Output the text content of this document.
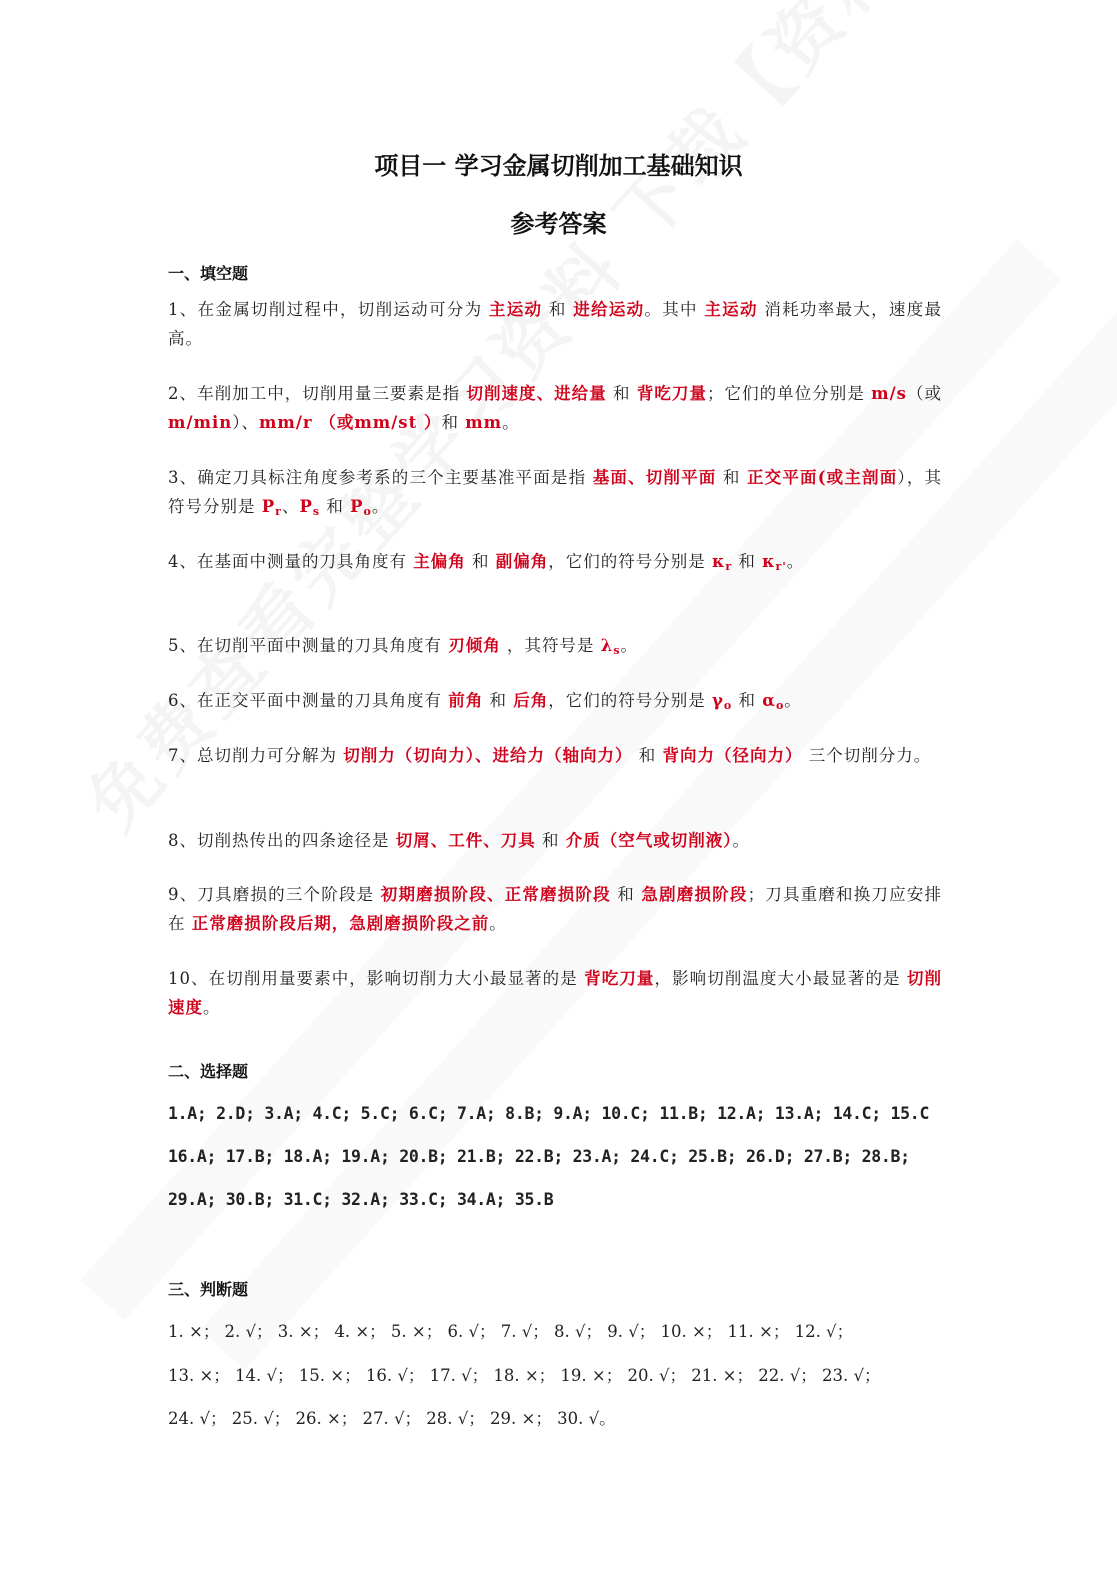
项目一 学习金属切削加工基础知识
参考答案
一、填空题
1、在金属切削过程中，切削运动可分为 主运动 和 进给运动。其中 主运动 消耗功率最大，速度最高。
2、车削加工中，切削用量三要素是指 切削速度、进给量 和 背吃刀量；它们的单位分别是 m/s（或 m/min）、mm/r （或mm/st ）和 mm。
3、确定刀具标注角度参考系的三个主要基准平面是指 基面、切削平面 和 正交平面(或主剖面），其符号分别是 $P_r$、$P_s$ 和 $P_o$。
4、在基面中测量的刀具角度有 主偏角 和 副偏角，它们的符号分别是 $\kappa_r$ 和 $\kappa_{r'}$。
5、在切削平面中测量的刀具角度有 刃倾角 ，其符号是 $\lambda_s$。
6、在正交平面中测量的刀具角度有 前角 和 后角，它们的符号分别是 $\gamma_o$ 和 $\alpha_o$。
7、总切削力可分解为 切削力（切向力）、进给力（轴向力） 和 背向力（径向力） 三个切削分力。
8、切削热传出的四条途径是 切屑、工件、刀具 和 介质（空气或切削液）。
9、刀具磨损的三个阶段是 初期磨损阶段、正常磨损阶段 和 急剧磨损阶段；刀具重磨和换刀应安排在 正常磨损阶段后期，急剧磨损阶段之前。
10、在切削用量要素中，影响切削力大小最显著的是 背吃刀量，影响切削温度大小最显著的是 切削速度。
二、选择题
1.A; 2.D; 3.A; 4.C; 5.C; 6.C; 7.A; 8.B; 9.A; 10.C; 11.B; 12.A; 13.A; 14.C; 15.C
16.A; 17.B; 18.A; 19.A; 20.B; 21.B; 22.B; 23.A; 24.C; 25.B; 26.D; 27.B; 28.B;
29.A; 30.B; 31.C; 32.A; 33.C; 34.A; 35.B
三、判断题
1. ×； 2. √； 3. ×； 4. ×； 5. ×； 6. √； 7. √； 8. √； 9. √； 10. ×； 11. ×； 12. √；
13. ×； 14. √； 15. ×； 16. √； 17. √； 18. ×； 19. ×； 20. √； 21. ×； 22. √； 23. √；
24. √； 25. √； 26. ×； 27. √； 28. √； 29. ×； 30. √。
